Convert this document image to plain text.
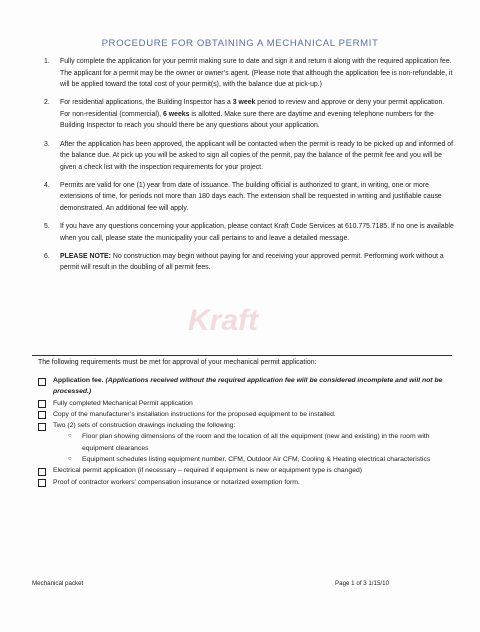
PROCEDURE FOR OBTAINING A MECHANICAL PERMIT
Kraft
1.	Fully complete the application for your permit making sure to date and sign it and return it along with the required application fee. The applicant for a permit may be the owner or owner’s agent. (Please note that although the application fee is non-refundable, it will be applied toward the total cost of your permit(s), with the balance due at pick-up.)
2.	For residential applications, the Building Inspector has a 3 week period to review and approve or deny your permit application. For non-residential (commercial), 6 weeks is allotted. Make sure there are daytime and evening telephone numbers for the Building Inspector to reach you should there be any questions about your application.
3.	After the application has been approved, the applicant will be contacted when the permit is ready to be picked up and informed of the balance due. At pick up you will be asked to sign all copies of the permit, pay the balance of the permit fee and you will be given a check list with the inspection requirements for your project.
4.	Permits are valid for one (1) year from date of issuance. The building official is authorized to grant, in writing, one or more extensions of time, for periods not more than 180 days each. The extension shall be requested in writing and justifiable cause demonstrated. An additional fee will apply.
5.	If you have any questions concerning your application, please contact Kraft Code Services at 610.775.7185. If no one is available when you call, please state the municipality your call pertains to and leave a detailed message.
6.	PLEASE NOTE: No construction may begin without paying for and receiving your approved permit. Performing work without a permit will result in the doubling of all permit fees.
The following requirements must be met for approval of your mechanical permit application:
Application fee. (Applications received without the required application fee will be considered incomplete and will not be processed.)
Fully completed Mechanical Permit application
Copy of the manufacturer’s installation instructions for the proposed equipment to be installed.
Two (2) sets of construction drawings including the following:
○	Floor plan showing dimensions of the room and the location of all the equipment (new and existing) in the room with equipment clearances
○	Equipment schedules listing equipment number, CFM, Outdoor Air CFM, Cooling & Heating electrical characteristics
Electrical permit application (if necessary – required if equipment is new or equipment type is changed)
Proof of contractor workers’ compensation insurance or notarized exemption form.
Mechanical packet	Page 1 of 3 1/15/10
